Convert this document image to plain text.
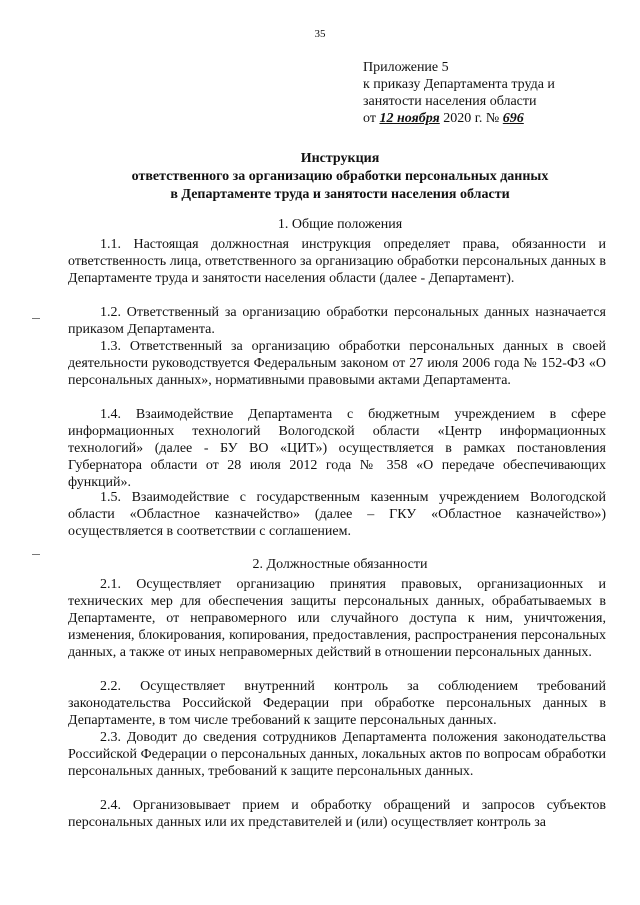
35
Приложение 5
к приказу Департамента труда и
занятости населения области
от 12 ноября 2020 г. № 696
Инструкция
ответственного за организацию обработки персональных данных
в Департаменте труда и занятости населения области
1. Общие положения
1.1. Настоящая должностная инструкция определяет права, обязанности и ответственность лица, ответственного за организацию обработки персональных данных в Департаменте труда и занятости населения области (далее - Департамент).
1.2. Ответственный за организацию обработки персональных данных назначается приказом Департамента.
1.3. Ответственный за организацию обработки персональных данных в своей деятельности руководствуется Федеральным законом от 27 июля 2006 года № 152-ФЗ «О персональных данных», нормативными правовыми актами Департамента.
1.4. Взаимодействие Департамента с бюджетным учреждением в сфере информационных технологий Вологодской области «Центр информационных технологий» (далее - БУ ВО «ЦИТ») осуществляется в рамках постановления Губернатора области от 28 июля 2012 года № 358 «О передаче обеспечивающих функций».
1.5. Взаимодействие с государственным казенным учреждением Вологодской области «Областное казначейство» (далее – ГКУ «Областное казначейство») осуществляется в соответствии с соглашением.
2. Должностные обязанности
2.1. Осуществляет организацию принятия правовых, организационных и технических мер для обеспечения защиты персональных данных, обрабатываемых в Департаменте, от неправомерного или случайного доступа к ним, уничтожения, изменения, блокирования, копирования, предоставления, распространения персональных данных, а также от иных неправомерных действий в отношении персональных данных.
2.2. Осуществляет внутренний контроль за соблюдением требований законодательства Российской Федерации при обработке персональных данных в Департаменте, в том числе требований к защите персональных данных.
2.3. Доводит до сведения сотрудников Департамента положения законодательства Российской Федерации о персональных данных, локальных актов по вопросам обработки персональных данных, требований к защите персональных данных.
2.4. Организовывает прием и обработку обращений и запросов субъектов персональных данных или их представителей и (или) осуществляет контроль за
